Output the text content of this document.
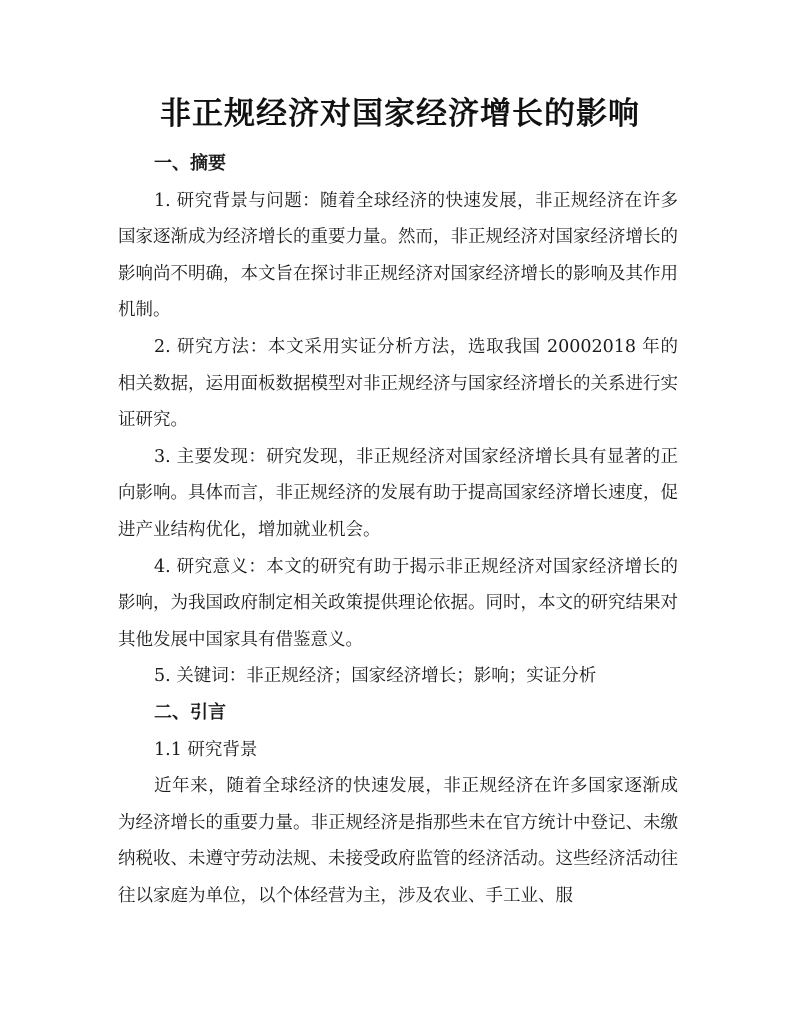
非正规经济对国家经济增长的影响

一、摘要

1. 研究背景与问题：随着全球经济的快速发展，非正规经济在许多国家逐渐成为经济增长的重要力量。然而，非正规经济对国家经济增长的影响尚不明确，本文旨在探讨非正规经济对国家经济增长的影响及其作用机制。

2. 研究方法：本文采用实证分析方法，选取我国 20002018 年的相关数据，运用面板数据模型对非正规经济与国家经济增长的关系进行实证研究。

3. 主要发现：研究发现，非正规经济对国家经济增长具有显著的正向影响。具体而言，非正规经济的发展有助于提高国家经济增长速度，促进产业结构优化，增加就业机会。

4. 研究意义：本文的研究有助于揭示非正规经济对国家经济增长的影响，为我国政府制定相关政策提供理论依据。同时，本文的研究结果对其他发展中国家具有借鉴意义。

5. 关键词：非正规经济；国家经济增长；影响；实证分析

二、引言

1.1 研究背景

近年来，随着全球经济的快速发展，非正规经济在许多国家逐渐成为经济增长的重要力量。非正规经济是指那些未在官方统计中登记、未缴纳税收、未遵守劳动法规、未接受政府监管的经济活动。这些经济活动往往以家庭为单位，以个体经营为主，涉及农业、手工业、服
